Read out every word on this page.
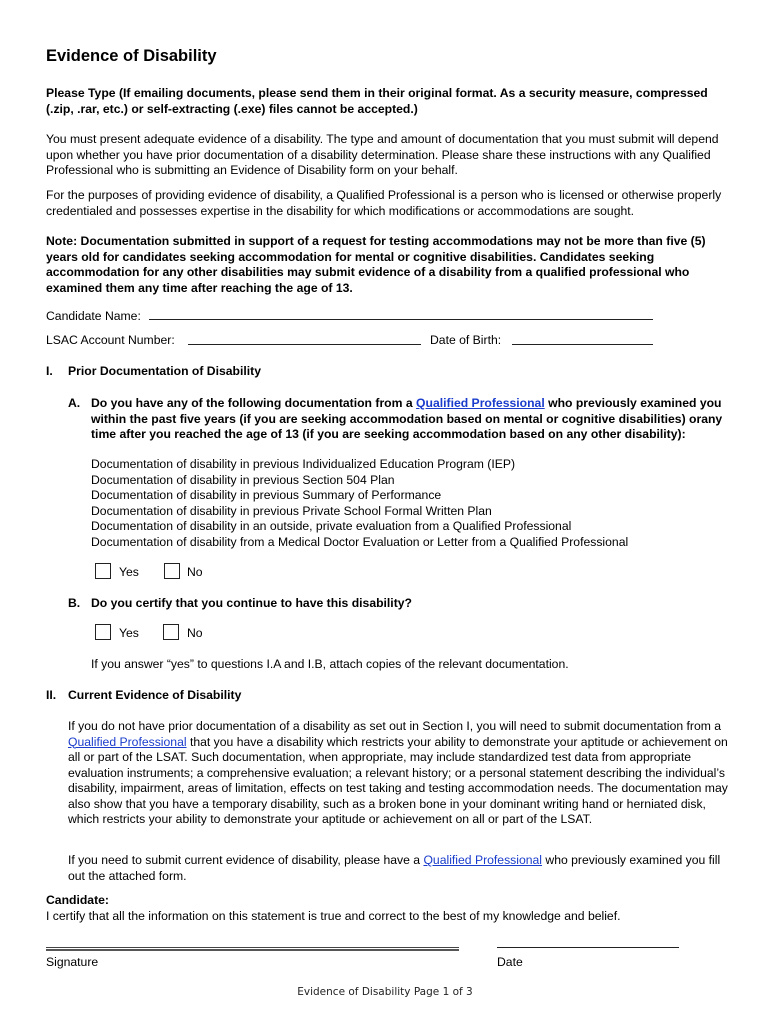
Evidence of Disability
Please Type (If emailing documents, please send them in their original format. As a security measure, compressed (.zip, .rar, etc.) or self-extracting (.exe) files cannot be accepted.)
You must present adequate evidence of a disability. The type and amount of documentation that you must submit will depend upon whether you have prior documentation of a disability determination. Please share these instructions with any Qualified Professional who is submitting an Evidence of Disability form on your behalf.
For the purposes of providing evidence of disability, a Qualified Professional is a person who is licensed or otherwise properly credentialed and possesses expertise in the disability for which modifications or accommodations are sought.
Note: Documentation submitted in support of a request for testing accommodations may not be more than five (5) years old for candidates seeking accommodation for mental or cognitive disabilities. Candidates seeking accommodation for any other disabilities may submit evidence of a disability from a qualified professional who examined them any time after reaching the age of 13.
Candidate Name:
LSAC Account Number:	Date of Birth:
I. Prior Documentation of Disability
A. Do you have any of the following documentation from a Qualified Professional who previously examined you within the past five years (if you are seeking accommodation based on mental or cognitive disabilities) orany time after you reached the age of 13 (if you are seeking accommodation based on any other disability):
Documentation of disability in previous Individualized Education Program (IEP)
Documentation of disability in previous Section 504 Plan
Documentation of disability in previous Summary of Performance
Documentation of disability in previous Private School Formal Written Plan
Documentation of disability in an outside, private evaluation from a Qualified Professional
Documentation of disability from a Medical Doctor Evaluation or Letter from a Qualified Professional
Yes	No
B. Do you certify that you continue to have this disability?
Yes	No
If you answer “yes” to questions I.A and I.B, attach copies of the relevant documentation.
II. Current Evidence of Disability
If you do not have prior documentation of a disability as set out in Section I, you will need to submit documentation from a Qualified Professional that you have a disability which restricts your ability to demonstrate your aptitude or achievement on all or part of the LSAT. Such documentation, when appropriate, may include standardized test data from appropriate evaluation instruments; a comprehensive evaluation; a relevant history; or a personal statement describing the individual’s disability, impairment, areas of limitation, effects on test taking and testing accommodation needs. The documentation may also show that you have a temporary disability, such as a broken bone in your dominant writing hand or herniated disk, which restricts your ability to demonstrate your aptitude or achievement on all or part of the LSAT.
If you need to submit current evidence of disability, please have a Qualified Professional who previously examined you fill out the attached form.
Candidate:
I certify that all the information on this statement is true and correct to the best of my knowledge and belief.
Signature	Date
Evidence of Disability Page 1 of 3
